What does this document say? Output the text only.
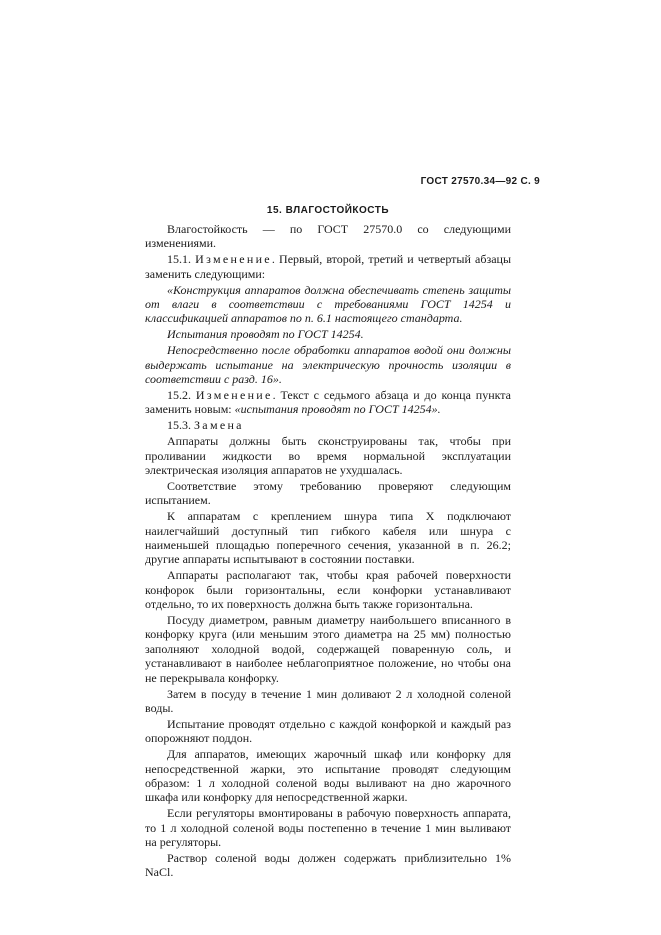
ГОСТ 27570.34—92 С. 9
15. ВЛАГОСТОЙКОСТЬ

Влагостойкость — по ГОСТ 27570.0 со следующими изменениями.

15.1. Изменение. Первый, второй, третий и четвертый абзацы заменить следующими:

«Конструкция аппаратов должна обеспечивать степень защиты от влаги в соответствии с требованиями ГОСТ 14254 и классификацией аппаратов по п. 6.1 настоящего стандарта.

Испытания проводят по ГОСТ 14254.

Непосредственно после обработки аппаратов водой они должны выдержать испытание на электрическую прочность изоляции в соответствии с разд. 16».

15.2. Изменение. Текст с седьмого абзаца и до конца пункта заменить новым: «испытания проводят по ГОСТ 14254».

15.3. Замена

Аппараты должны быть сконструированы так, чтобы при проливании жидкости во время нормальной эксплуатации электрическая изоляция аппаратов не ухудшалась.

Соответствие этому требованию проверяют следующим испытанием.

К аппаратам с креплением шнура типа X подключают наилегчайший доступный тип гибкого кабеля или шнура с наименьшей площадью поперечного сечения, указанной в п. 26.2; другие аппараты испытывают в состоянии поставки.

Аппараты располагают так, чтобы края рабочей поверхности конфорок были горизонтальны, если конфорки устанавливают отдельно, то их поверхность должна быть также горизонтальна.

Посуду диаметром, равным диаметру наибольшего вписанного в конфорку круга (или меньшим этого диаметра на 25 мм) полностью заполняют холодной водой, содержащей поваренную соль, и устанавливают в наиболее неблагоприятное положение, но чтобы она не перекрывала конфорку.

Затем в посуду в течение 1 мин доливают 2 л холодной соленой воды.

Испытание проводят отдельно с каждой конфоркой и каждый раз опорожняют поддон.

Для аппаратов, имеющих жарочный шкаф или конфорку для непосредственной жарки, это испытание проводят следующим образом: 1 л холодной соленой воды выливают на дно жарочного шкафа или конфорку для непосредственной жарки.

Если регуляторы вмонтированы в рабочую поверхность аппарата, то 1 л холодной соленой воды постепенно в течение 1 мин выливают на регуляторы.

Раствор соленой воды должен содержать приблизительно 1% NaCl.
